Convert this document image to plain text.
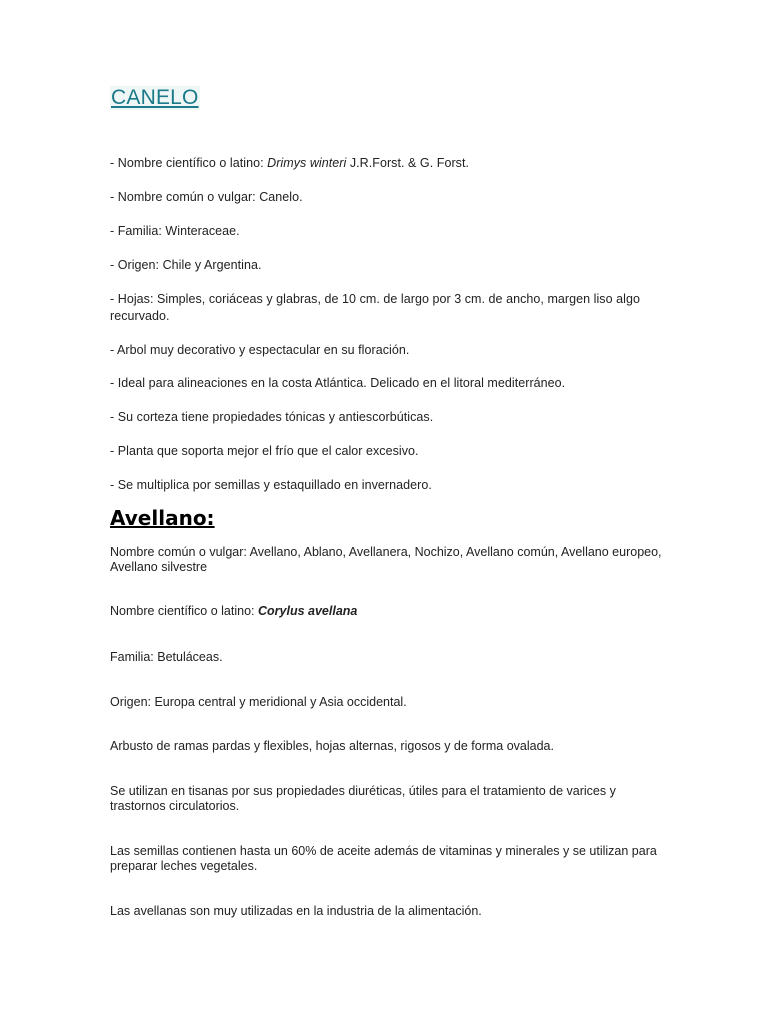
CANELO
- Nombre científico o latino: Drimys winteri J.R.Forst. & G. Forst.
- Nombre común o vulgar: Canelo.
- Familia: Winteraceae.
- Origen: Chile y Argentina.
- Hojas: Simples, coriáceas y glabras, de 10 cm. de largo por 3 cm. de ancho, margen liso algo recurvado.
- Arbol muy decorativo y espectacular en su floración.
- Ideal para alineaciones en la costa Atlántica. Delicado en el litoral mediterráneo.
- Su corteza tiene propiedades tónicas y antiescorbúticas.
- Planta que soporta mejor el frío que el calor excesivo.
- Se multiplica por semillas y estaquillado en invernadero.
Avellano:
Nombre común o vulgar: Avellano, Ablano, Avellanera, Nochizo, Avellano común, Avellano europeo, Avellano silvestre
Nombre científico o latino: Corylus avellana
Familia: Betuláceas.
Origen: Europa central y meridional y Asia occidental.
Arbusto de ramas pardas y flexibles, hojas alternas, rigosos y de forma ovalada.
Se utilizan en tisanas por sus propiedades diuréticas, útiles para el tratamiento de varices y trastornos circulatorios.
Las semillas contienen hasta un 60% de aceite además de vitaminas y minerales y se utilizan para preparar leches vegetales.
Las avellanas son muy utilizadas en la industria de la alimentación.
